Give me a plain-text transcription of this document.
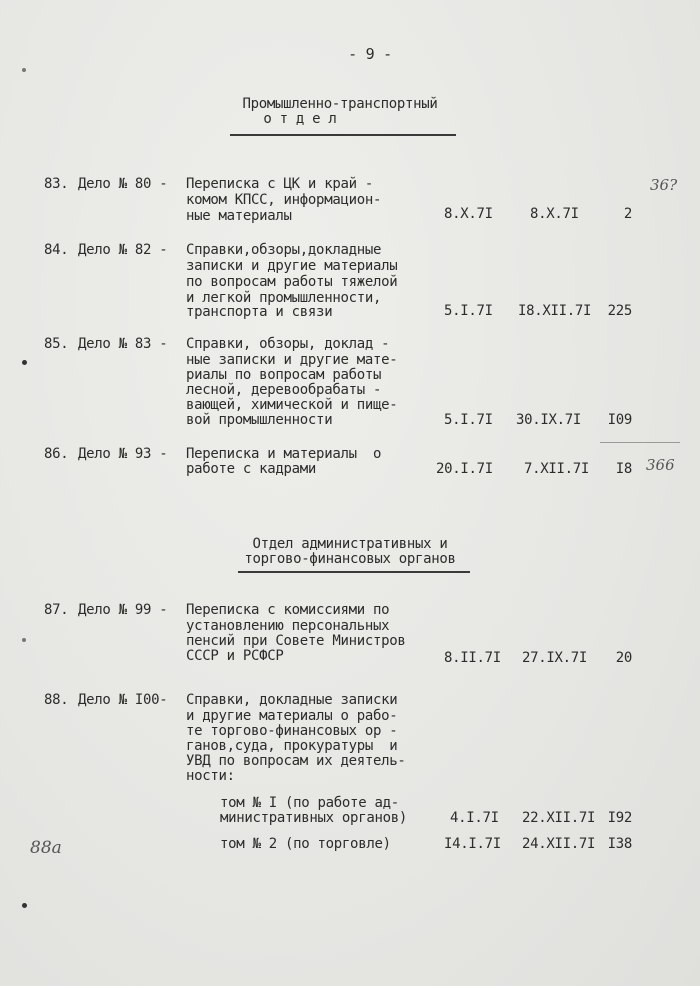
- 9 -
Промышленно-транспортный
о т д е л
83. Дело № 80 - Переписка с ЦК и край -
комом КПСС, информацион-
ные материалы	8.X.7I	8.X.7I	2
84. Дело № 82 - Справки,обзоры,докладные
записки и другие материалы
по вопросам работы тяжелой
и легкой промышленности,
транспорта и связи	5.I.7I I8.XII.7I	225
85. Дело № 83 - Справки, обзоры, доклад -
ные записки и другие мате-
риалы по вопросам работы
лесной, деревообрабаты -
вающей, химической и пище-
вой промышленности	5.I.7I 30.IX.7I	I09
86. Дело № 93 - Переписка и материалы  о
работе с кадрами	20.I.7I 7.XII.7I	I8
Отдел административных и
торгово-финансовых органов
87. Дело № 99 - Переписка с комиссиями по
установлению персональных
пенсий при Совете Министров
СССР и РСФСР	8.II.7I 27.IX.7I	20
88. Дело № I00- Справки, докладные записки
и другие материалы о рабо-
те торгово-финансовых ор -
ганов,суда, прокуратуры  и
УВД по вопросам их деятель-
ности:
том № I (по работе ад-
министративных органов)	4.I.7I 22.XII.7I I92
том № 2 (по торговле)	I4.I.7I 24.XII.7I I38
36?
366
88а
